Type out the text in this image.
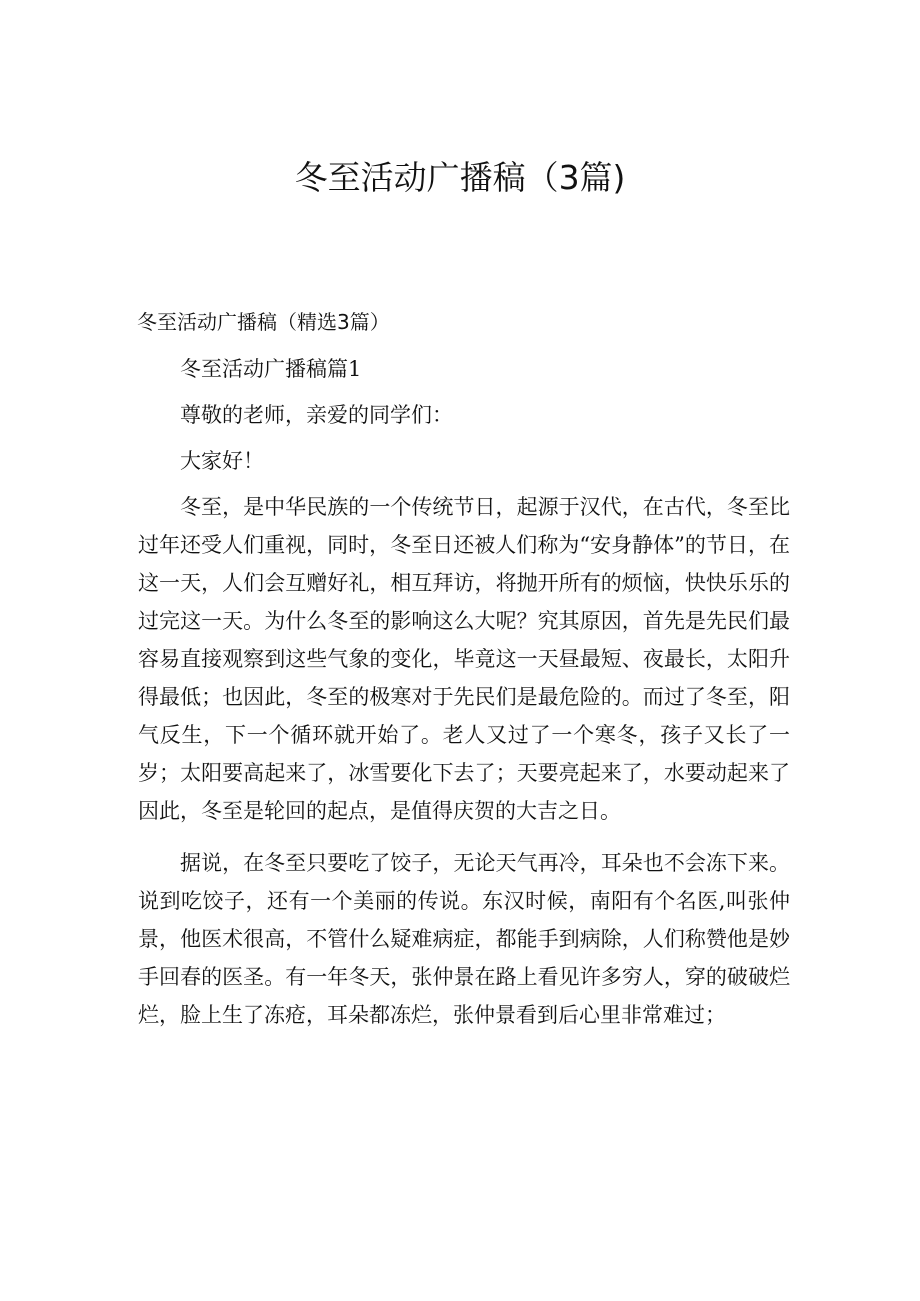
冬至活动广播稿（3篇)

冬至活动广播稿（精选3篇）

冬至活动广播稿篇1

尊敬的老师，亲爱的同学们：

大家好！

冬至，是中华民族的一个传统节日，起源于汉代，在古代，冬至比过年还受人们重视，同时，冬至日还被人们称为“安身静体”的节日，在这一天，人们会互赠好礼，相互拜访，将抛开所有的烦恼，快快乐乐的过完这一天。为什么冬至的影响这么大呢？究其原因，首先是先民们最容易直接观察到这些气象的变化，毕竟这一天昼最短、夜最长，太阳升得最低；也因此，冬至的极寒对于先民们是最危险的。而过了冬至，阳气反生，下一个循环就开始了。老人又过了一个寒冬，孩子又长了一岁；太阳要高起来了，冰雪要化下去了；天要亮起来了，水要动起来了因此，冬至是轮回的起点，是值得庆贺的大吉之日。

据说，在冬至只要吃了饺子，无论天气再冷，耳朵也不会冻下来。说到吃饺子，还有一个美丽的传说。东汉时候，南阳有个名医,叫张仲景，他医术很高，不管什么疑难病症，都能手到病除，人们称赞他是妙手回春的医圣。有一年冬天，张仲景在路上看见许多穷人，穿的破破烂烂，脸上生了冻疮，耳朵都冻烂，张仲景看到后心里非常难过；
